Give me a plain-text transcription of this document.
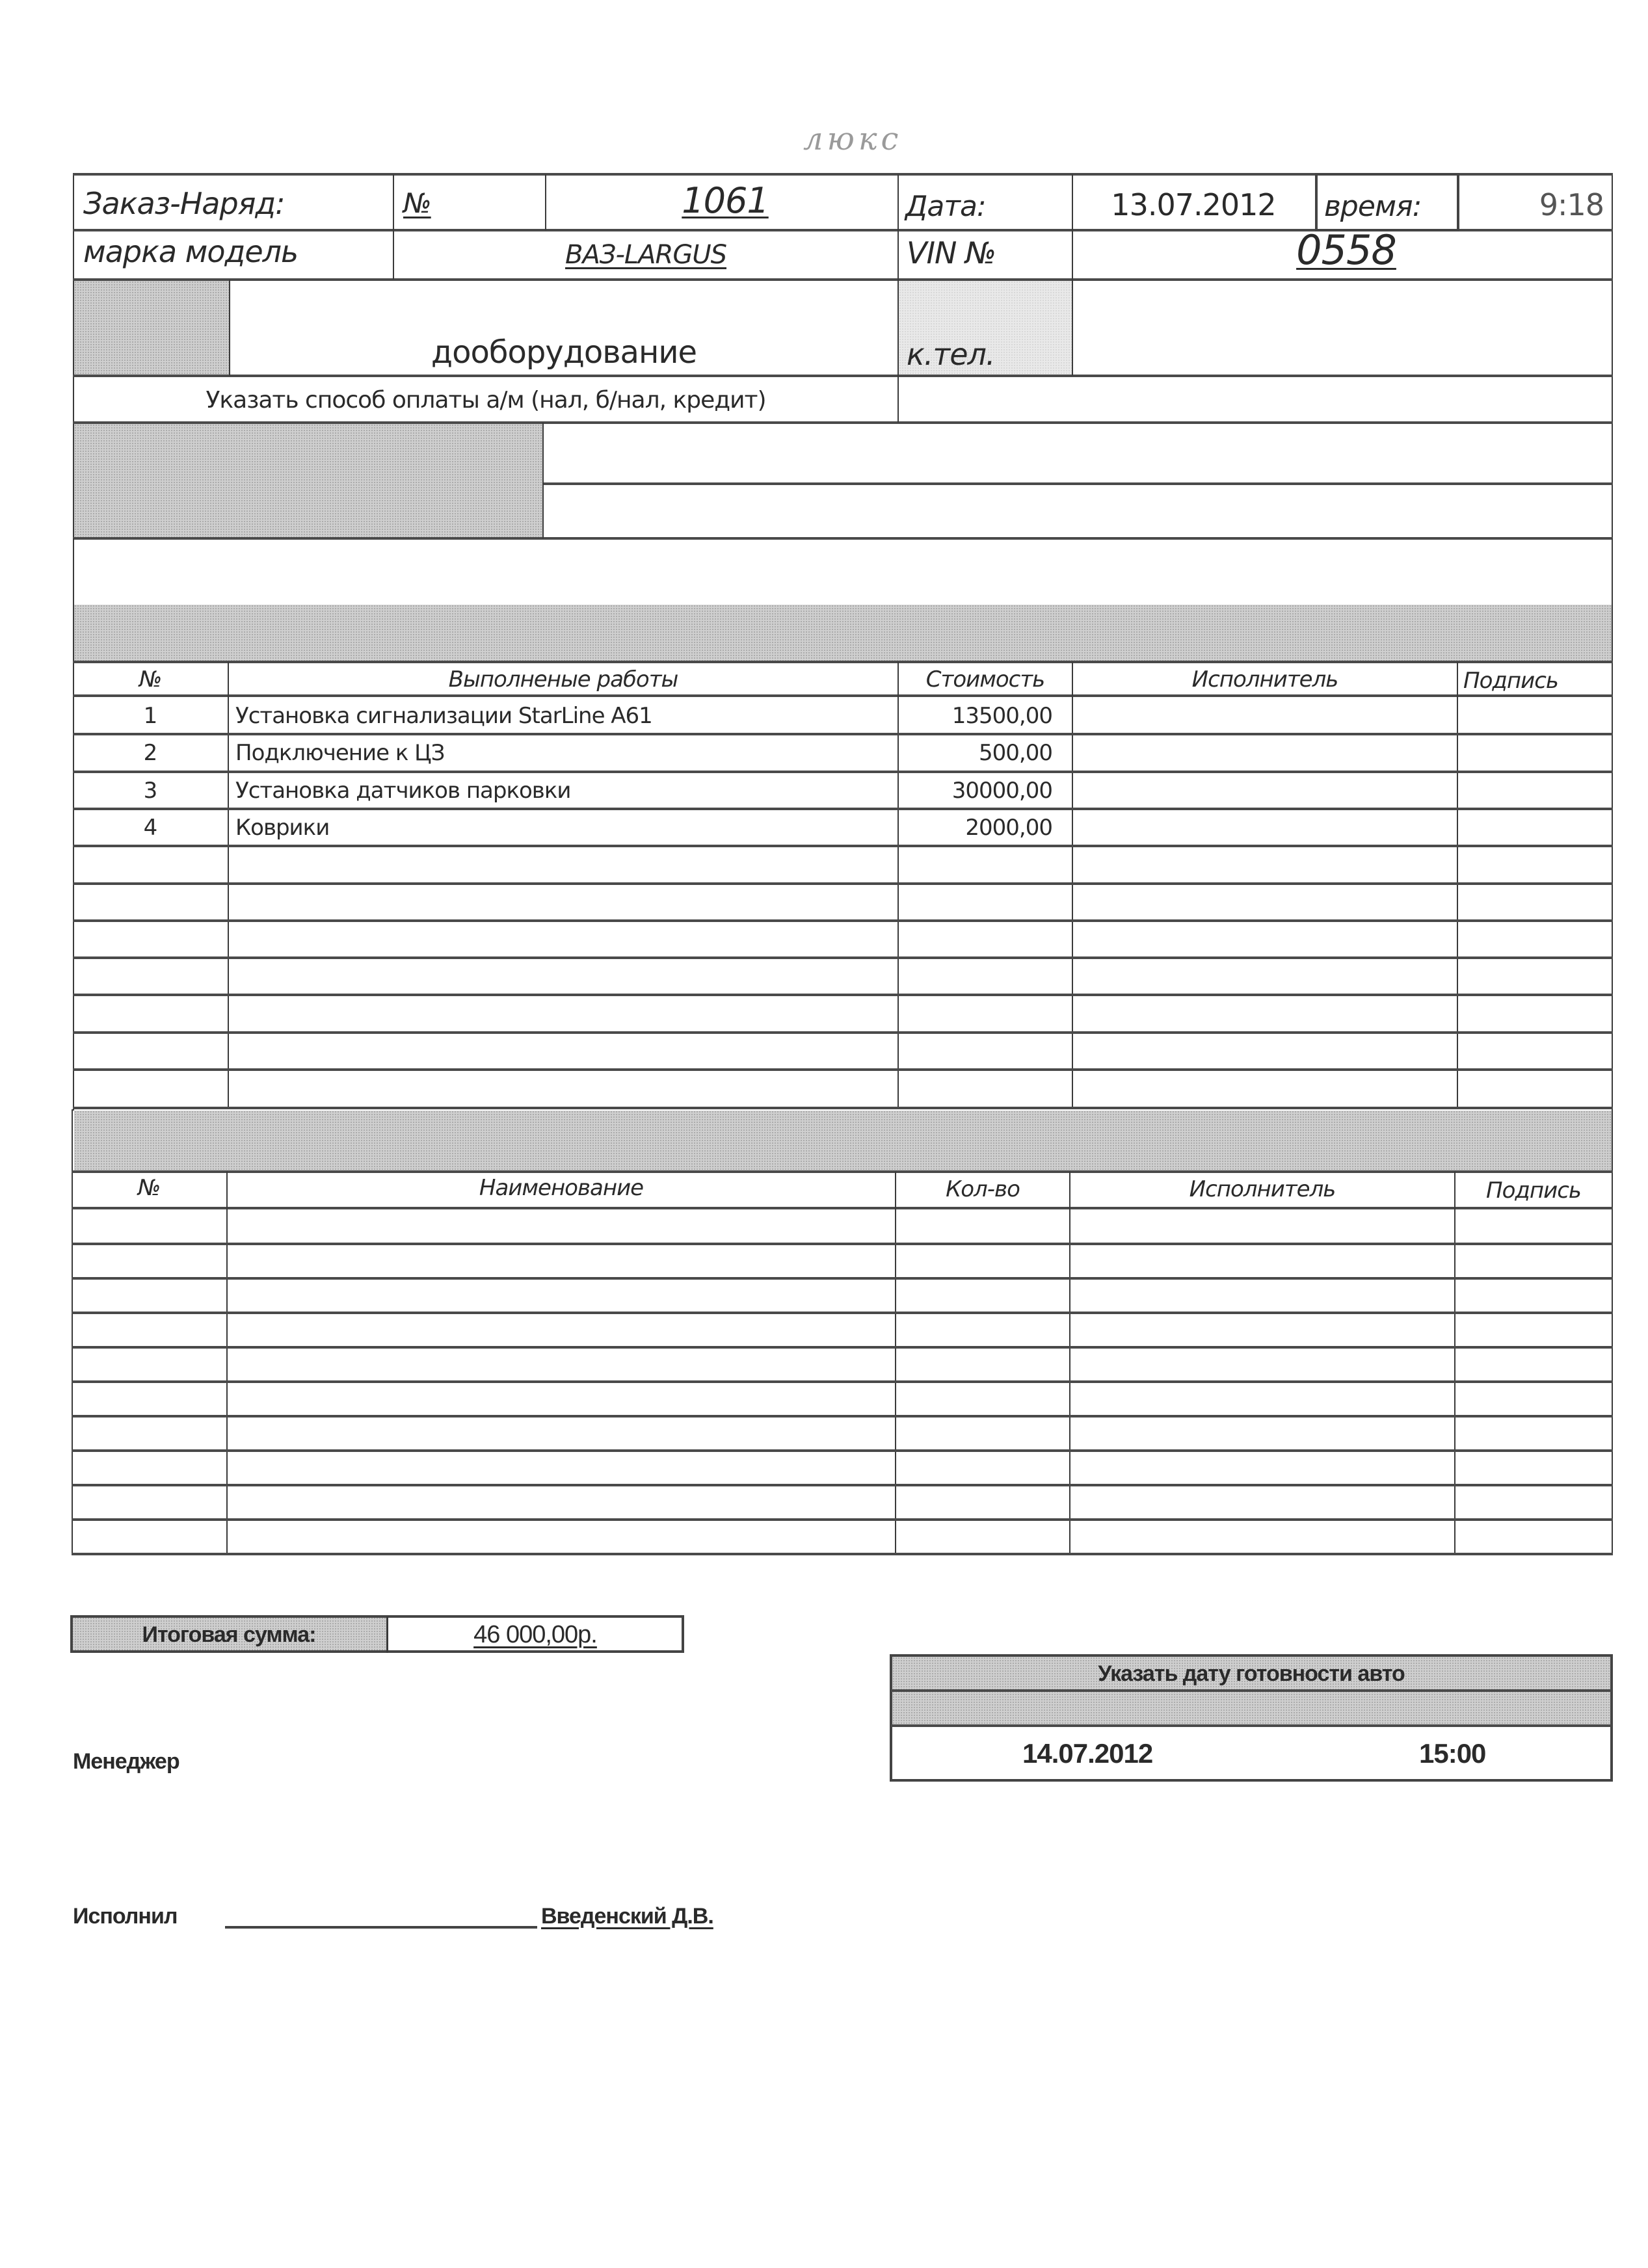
люкс
Заказ-Наряд:	№	1061	Дата:	13.07.2012	время:	9:18
марка модель	ВАЗ-LARGUS	VIN №	0558
дооборудование	к.тел.
Указать способ оплаты а/м (нал, б/нал, кредит)
№	Выполненые работы	Стоимость	Исполнитель	Подпись
1	Установка сигнализации StarLine A61	13500,00
2	Подключение к ЦЗ	500,00
3	Установка датчиков парковки	30000,00
4	Коврики	2000,00
№	Наименование	Кол-во	Исполнитель	Подпись
Итоговая сумма:	46 000,00р.
Указать дату готовности авто
14.07.2012	15:00
Менеджер
Исполнил	Введенский Д.В.
